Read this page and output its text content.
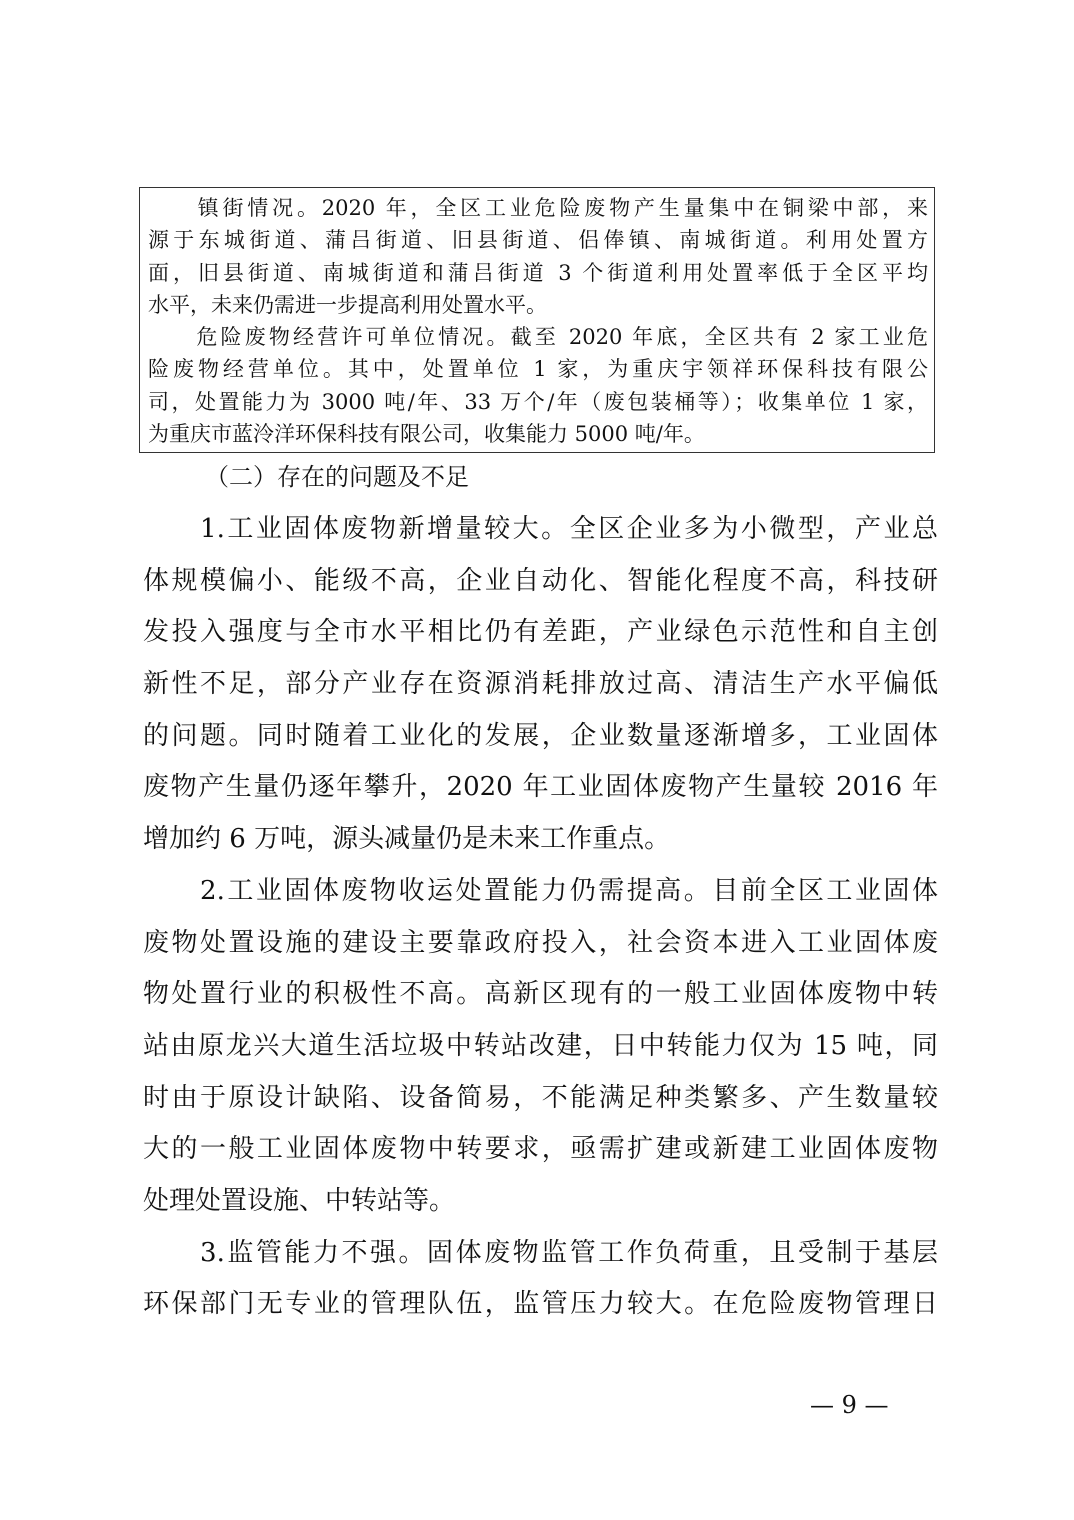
　　镇街情况。2020 年，全区工业危险废物产生量集中在铜梁中部，来
源于东城街道、蒲吕街道、旧县街道、侣俸镇、南城街道。利用处置方
面，旧县街道、南城街道和蒲吕街道 3 个街道利用处置率低于全区平均
水平，未来仍需进一步提高利用处置水平。
　　危险废物经营许可单位情况。截至 2020 年底，全区共有 2 家工业危
险废物经营单位。其中，处置单位 1 家，为重庆宇领祥环保科技有限公
司，处置能力为 3000 吨/年、33 万个/年（废包装桶等）；收集单位 1 家，
为重庆市蓝泠洋环保科技有限公司，收集能力 5000 吨/年。
（二）存在的问题及不足
　　1.工业固体废物新增量较大。全区企业多为小微型，产业总
体规模偏小、能级不高，企业自动化、智能化程度不高，科技研
发投入强度与全市水平相比仍有差距，产业绿色示范性和自主创
新性不足，部分产业存在资源消耗排放过高、清洁生产水平偏低
的问题。同时随着工业化的发展，企业数量逐渐增多，工业固体
废物产生量仍逐年攀升，2020 年工业固体废物产生量较 2016 年
增加约 6 万吨，源头减量仍是未来工作重点。
　　2.工业固体废物收运处置能力仍需提高。目前全区工业固体
废物处置设施的建设主要靠政府投入，社会资本进入工业固体废
物处置行业的积极性不高。高新区现有的一般工业固体废物中转
站由原龙兴大道生活垃圾中转站改建，日中转能力仅为 15 吨，同
时由于原设计缺陷、设备简易，不能满足种类繁多、产生数量较
大的一般工业固体废物中转要求，亟需扩建或新建工业固体废物
处理处置设施、中转站等。
　　3.监管能力不强。固体废物监管工作负荷重，且受制于基层
环保部门无专业的管理队伍，监管压力较大。在危险废物管理日
— 9 —
